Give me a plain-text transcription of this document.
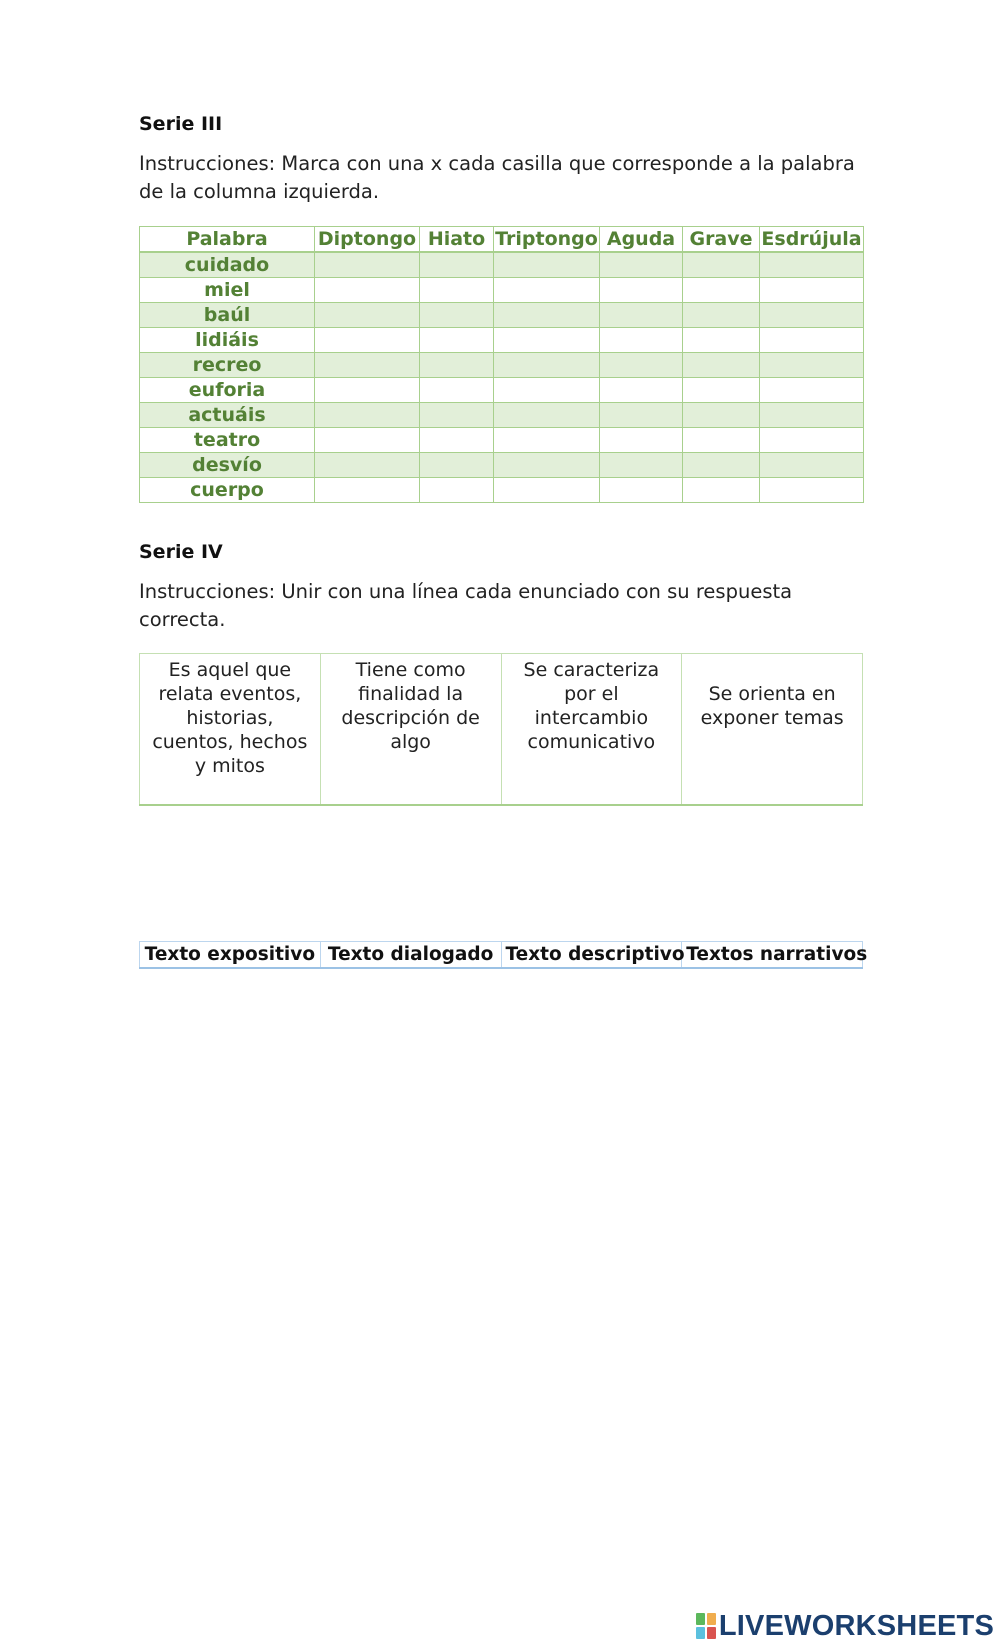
Serie III
Instrucciones: Marca con una x cada casilla que corresponde a la palabra de la columna izquierda.
Palabra	Diptongo	Hiato	Triptongo	Aguda	Grave	Esdrújula
cuidado						
miel						
baúl						
lidiáis						
recreo						
euforia						
actuáis						
teatro						
desvío						
cuerpo						
Serie IV
Instrucciones: Unir con una línea cada enunciado con su respuesta correcta.
Es aquel que relata eventos, historias, cuentos, hechos y mitos	Tiene como finalidad la descripción de algo	Se caracteriza por el intercambio comunicativo	Se orienta en exponer temas
Texto expositivo	Texto dialogado	Texto descriptivo	Textos narrativos
LIVEWORKSHEETS
